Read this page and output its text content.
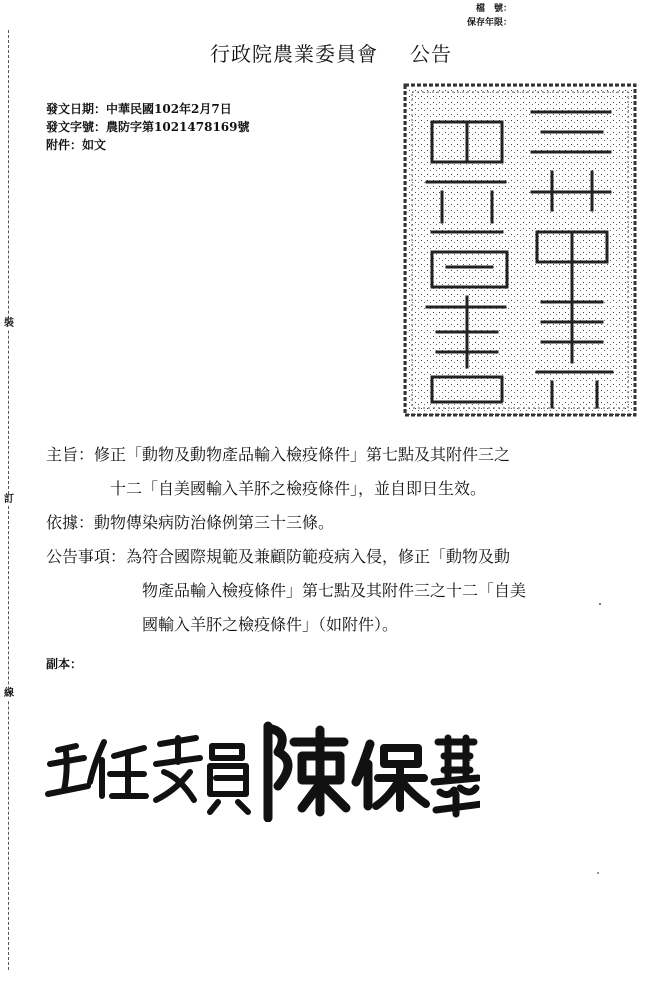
裝
訂
線
檔　號：
保存年限：
行政院農業委員會 公告
發文日期：中華民國102年2月7日
發文字號：農防字第1021478169號
附件：如文
主旨：修正「動物及動物產品輸入檢疫條件」第七點及其附件三之
十二「自美國輸入羊肧之檢疫條件」，並自即日生效。
依據：動物傳染病防治條例第三十三條。
公告事項：為符合國際規範及兼顧防範疫病入侵，修正「動物及動
物產品輸入檢疫條件」第七點及其附件三之十二「自美
國輸入羊肧之檢疫條件」（如附件）。
副本：
